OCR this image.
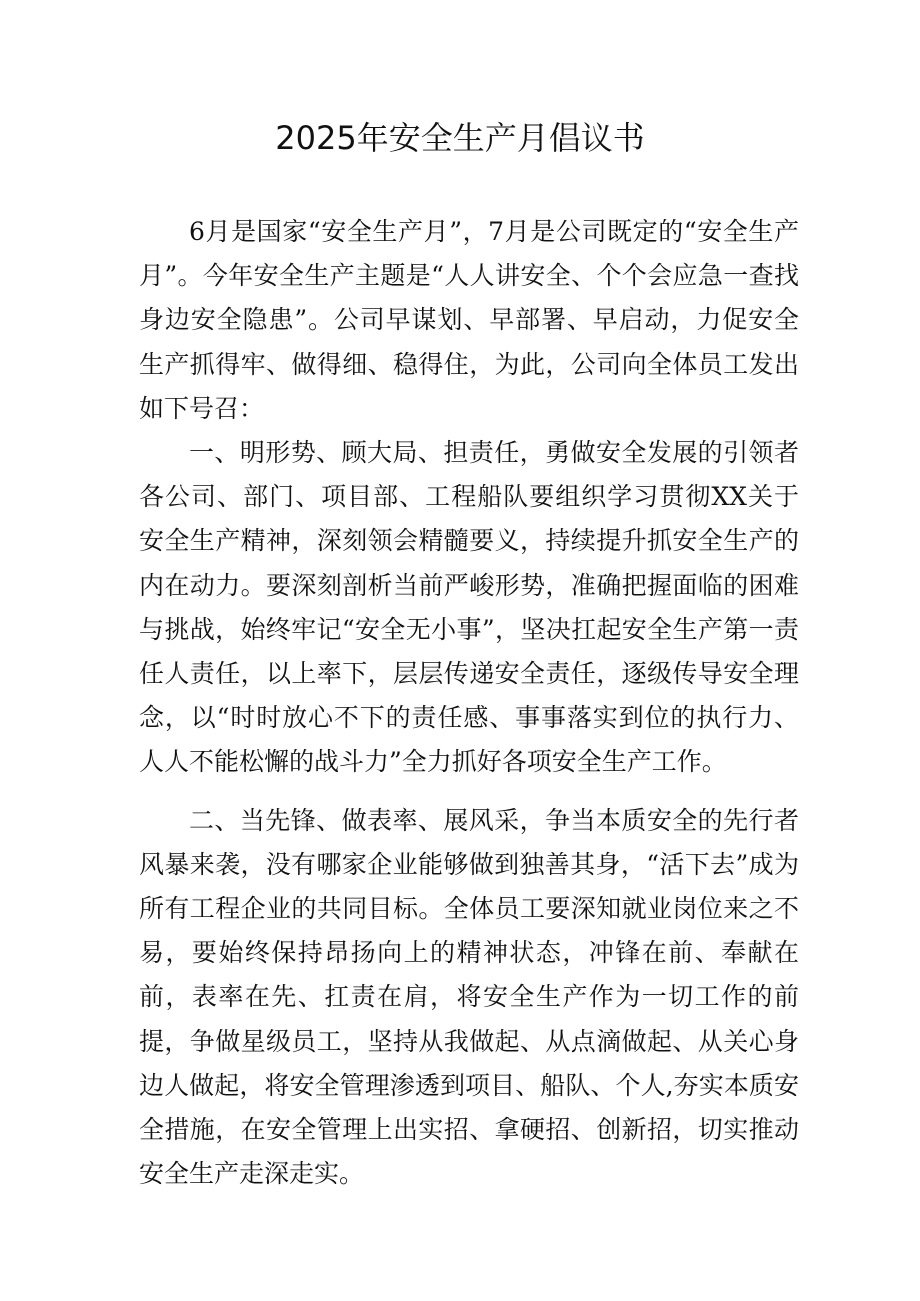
2025年安全生产月倡议书

6月是国家“安全生产月”，7月是公司既定的“安全生产月”。今年安全生产主题是“人人讲安全、个个会应急一查找身边安全隐患”。公司早谋划、早部署、早启动，力促安全生产抓得牢、做得细、稳得住，为此，公司向全体员工发出如下号召：

一、明形势、顾大局、担责任，勇做安全发展的引领者各公司、部门、项目部、工程船队要组织学习贯彻XX关于安全生产精神，深刻领会精髓要义，持续提升抓安全生产的内在动力。要深刻剖析当前严峻形势，准确把握面临的困难与挑战，始终牢记“安全无小事”，坚决扛起安全生产第一责任人责任，以上率下，层层传递安全责任，逐级传导安全理念，以“时时放心不下的责任感、事事落实到位的执行力、人人不能松懈的战斗力”全力抓好各项安全生产工作。

二、当先锋、做表率、展风采，争当本质安全的先行者风暴来袭，没有哪家企业能够做到独善其身，“活下去”成为所有工程企业的共同目标。全体员工要深知就业岗位来之不易，要始终保持昂扬向上的精神状态，冲锋在前、奉献在前，表率在先、扛责在肩，将安全生产作为一切工作的前提，争做星级员工，坚持从我做起、从点滴做起、从关心身边人做起，将安全管理渗透到项目、船队、个人,夯实本质安全措施，在安全管理上出实招、拿硬招、创新招，切实推动安全生产走深走实。
